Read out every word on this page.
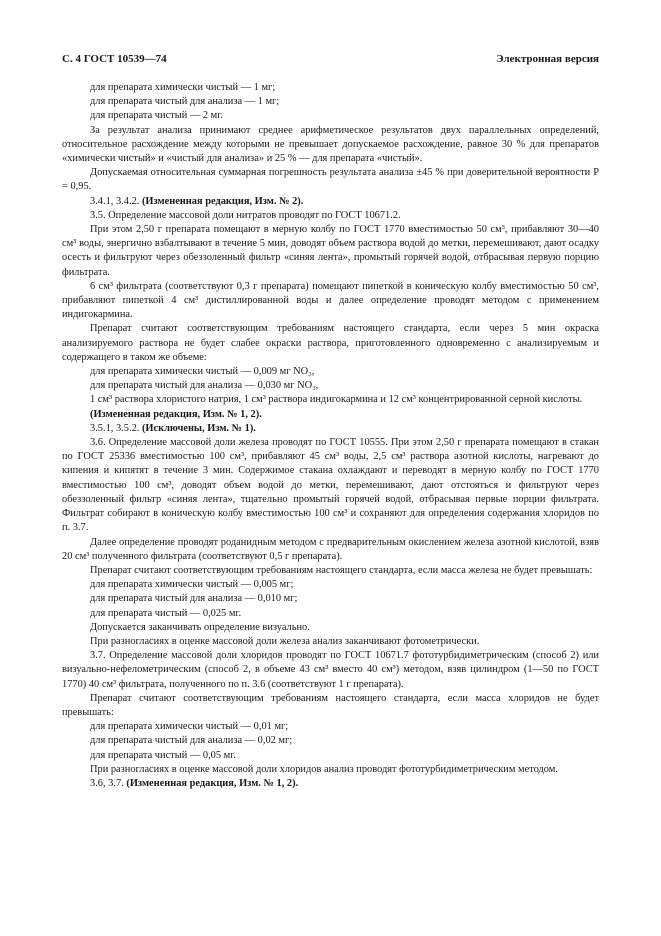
С. 4 ГОСТ 10539—74	Электронная версия

для препарата химически чистый — 1 мг;

для препарата чистый для анализа — 1 мг;

для препарата чистый — 2 мг.

За результат анализа принимают среднее арифметическое результатов двух параллельных определений, относительное расхождение между которыми не превышает допускаемое расхождение, равное 30 % для препаратов «химически чистый» и «чистый для анализа» и 25 % — для препарата «чистый».

Допускаемая относительная суммарная погрешность результата анализа ±45 % при доверительной вероятности Р = 0,95.

3.4.1, 3.4.2. (Измененная редакция, Изм. № 2).

3.5. Определение массовой доли нитратов проводят по ГОСТ 10671.2.

При этом 2,50 г препарата помещают в мерную колбу по ГОСТ 1770 вместимостью 50 см³, прибавляют 30—40 см³ воды, энергично взбалтывают в течение 5 мин, доводят объем раствора водой до метки, перемешивают, дают осадку осесть и фильтруют через обеззоленный фильтр «синяя лента», промытый горячей водой, отбрасывая первую порцию фильтрата.

6 см³ фильтрата (соответствуют 0,3 г препарата) помещают пипеткой в коническую колбу вместимостью 50 см³, прибавляют пипеткой 4 см³ дистиллированной воды и далее определение проводят методом с применением индигокармина.

Препарат считают соответствующим требованиям настоящего стандарта, если через 5 мин окраска анализируемого раствора не будет слабее окраски раствора, приготовленного одновременно с анализируемым и содержащего в таком же объеме:

для препарата химически чистый — 0,009 мг NO₃,

для препарата чистый для анализа — 0,030 мг NO₃,

1 см³ раствора хлористого натрия, 1 см³ раствора индигокармина и 12 см³ концентрированной серной кислоты.

(Измененная редакция, Изм. № 1, 2).

3.5.1, 3.5.2. (Исключены, Изм. № 1).

3.6. Определение массовой доли железа проводят по ГОСТ 10555. При этом 2,50 г препарата помещают в стакан по ГОСТ 25336 вместимостью 100 см³, прибавляют 45 см³ воды, 2,5 см³ раствора азотной кислоты, нагревают до кипения и кипятят в течение 3 мин. Содержимое стакана охлаждают и переводят в мерную колбу по ГОСТ 1770 вместимостью 100 см³, доводят объем водой до метки, перемешивают, дают отстояться и фильтруют через обеззоленный фильтр «синяя лента», тщательно промытый горячей водой, отбрасывая первые порции фильтрата. Фильтрат собирают в коническую колбу вместимостью 100 см³ и сохраняют для определения содержания хлоридов по п. 3.7.

Далее определение проводят роданидным методом с предварительным окислением железа азотной кислотой, взяв 20 см³ полученного фильтрата (соответствуют 0,5 г препарата).

Препарат считают соответствующим требованиям настоящего стандарта, если масса железа не будет превышать:

для препарата химически чистый — 0,005 мг;

для препарата чистый для анализа — 0,010 мг;

для препарата чистый — 0,025 мг.

Допускается заканчивать определение визуально.

При разногласиях в оценке массовой доли железа анализ заканчивают фотометрически.

3.7. Определение массовой доли хлоридов проводят по ГОСТ 10671.7 фототурбидиметрическим (способ 2) или визуально-нефелометрическим (способ 2, в объеме 43 см³ вместо 40 см³) методом, взяв цилиндром (1—50 по ГОСТ 1770) 40 см³ фильтрата, полученного по п. 3.6 (соответствуют 1 г препарата).

Препарат считают соответствующим требованиям настоящего стандарта, если масса хлоридов не будет превышать:

для препарата химически чистый — 0,01 мг;

для препарата чистый для анализа — 0,02 мг;

для препарата чистый — 0,05 мг.

При разногласиях в оценке массовой доли хлоридов анализ проводят фототурбидиметрическим методом.

3.6, 3.7. (Измененная редакция, Изм. № 1, 2).
